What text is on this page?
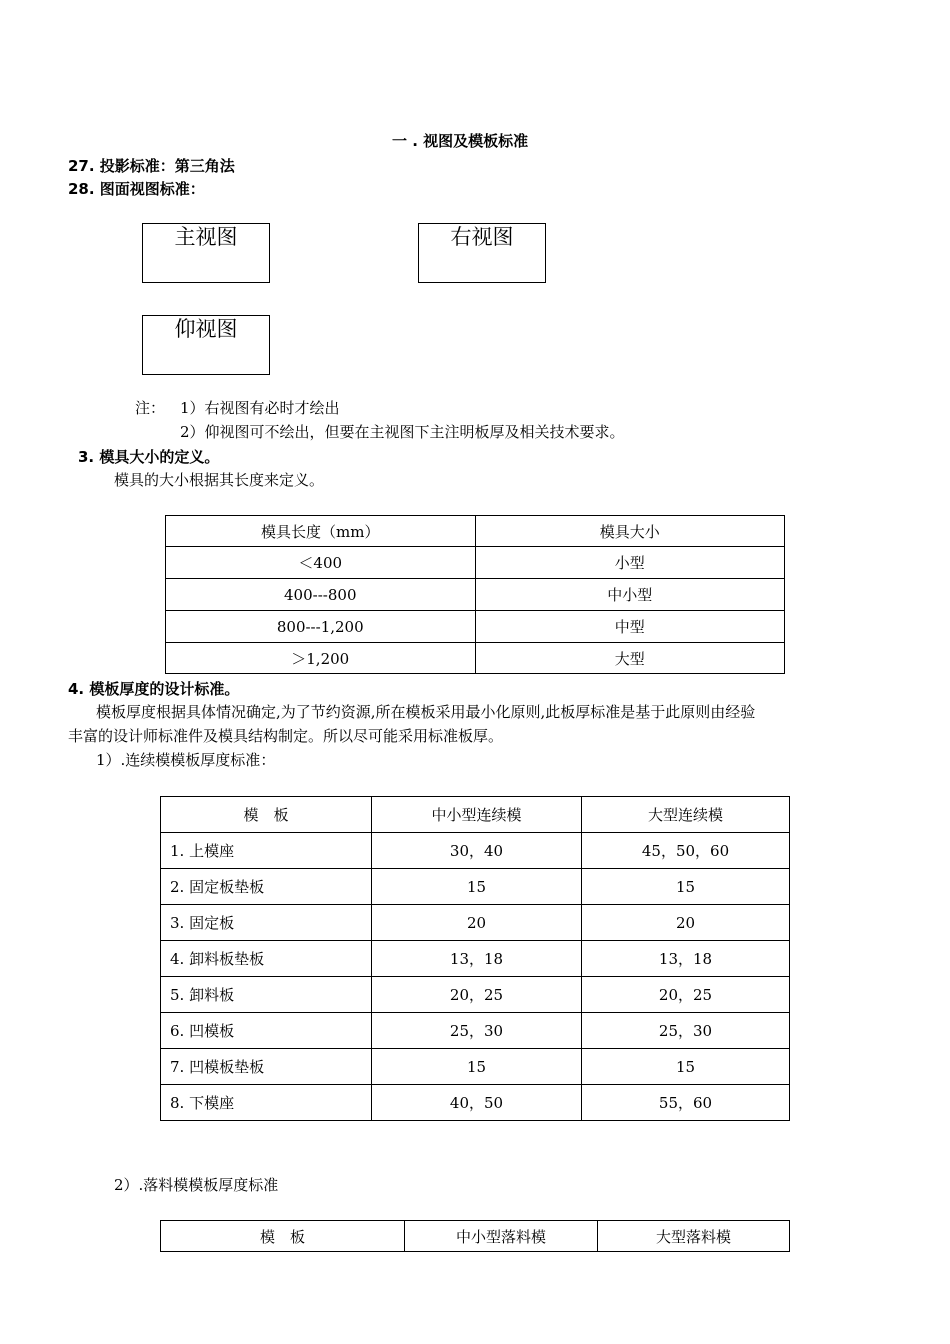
一 . 视图及模板标准
27. 投影标准：第三角法
28. 图面视图标准：
主视图	右视图
仰视图
注： 1）右视图有必时才绘出
2）仰视图可不绘出，但要在主视图下主注明板厚及相关技术要求。
3. 模具大小的定义。
模具的大小根据其长度来定义。
模具长度（mm）	模具大小
＜400	小型
400---800	中小型
800---1,200	中型
＞1,200	大型
4. 模板厚度的设计标准。
模板厚度根据具体情况确定,为了节约资源,所在模板采用最小化原则,此板厚标准是基于此原则由经验
丰富的设计师标准件及模具结构制定。所以尽可能采用标准板厚。
1）.连续模模板厚度标准：
模　板	中小型连续模	大型连续模
1. 上模座	30，40	45，50，60
2. 固定板垫板	15	15
3. 固定板	20	20
4. 卸料板垫板	13，18	13，18
5. 卸料板	20，25	20，25
6. 凹模板	25，30	25，30
7. 凹模板垫板	15	15
8. 下模座	40，50	55，60
2）.落料模模板厚度标准
模　板	中小型落料模	大型落料模
